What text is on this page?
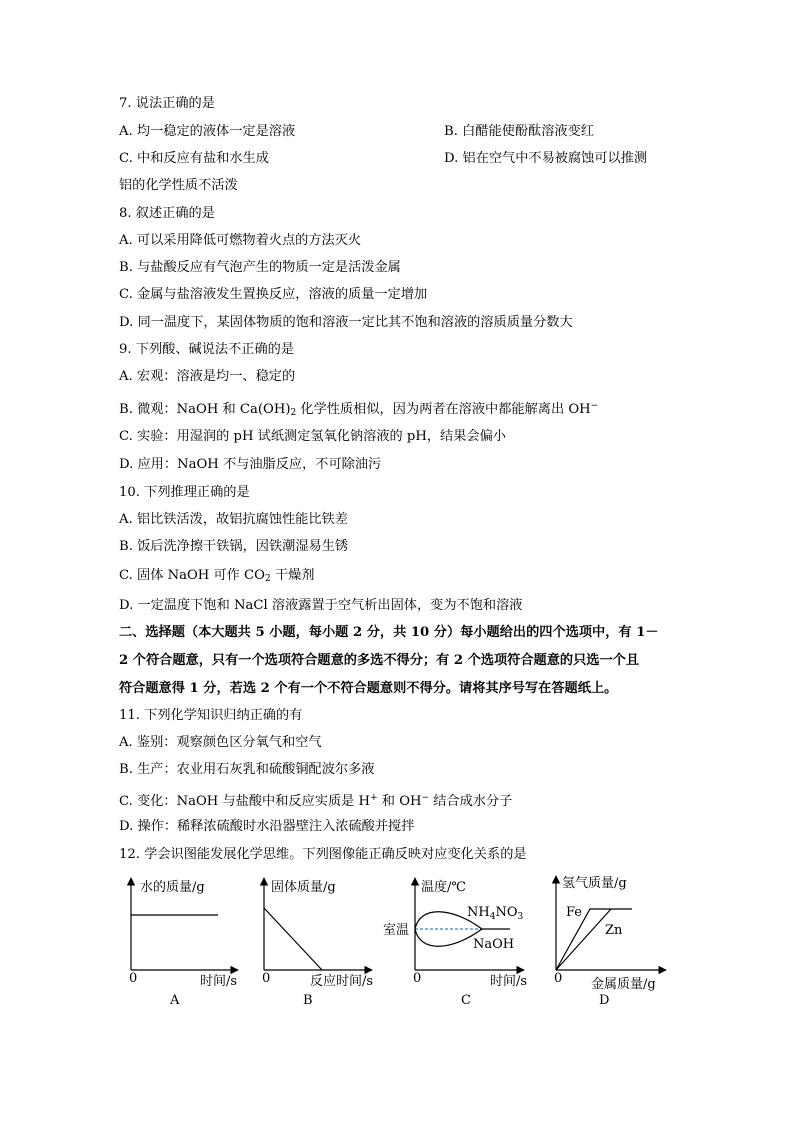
7. 说法正确的是
A. 均一稳定的液体一定是溶液	B. 白醋能使酚酞溶液变红
C. 中和反应有盐和水生成	D. 铝在空气中不易被腐蚀可以推测
铝的化学性质不活泼
8. 叙述正确的是
A. 可以采用降低可燃物着火点的方法灭火
B. 与盐酸反应有气泡产生的物质一定是活泼金属
C. 金属与盐溶液发生置换反应，溶液的质量一定增加
D. 同一温度下，某固体物质的饱和溶液一定比其不饱和溶液的溶质质量分数大
9. 下列酸、碱说法不正确的是
A. 宏观：溶液是均一、稳定的
B. 微观：NaOH 和 $Ca(OH)_2$ 化学性质相似，因为两者在溶液中都能解离出 OH−
C. 实验：用湿润的 pH 试纸测定氢氧化钠溶液的 pH，结果会偏小
D. 应用：NaOH 不与油脂反应，不可除油污
10. 下列推理正确的是
A. 铝比铁活泼，故铝抗腐蚀性能比铁差
B. 饭后洗净擦干铁锅，因铁潮湿易生锈
C. 固体 NaOH 可作 $CO_2$ 干燥剂
D. 一定温度下饱和 NaCl 溶液露置于空气析出固体，变为不饱和溶液
二、选择题（本大题共 5 小题，每小题 2 分，共 10 分）每小题给出的四个选项中，有 1－
2 个符合题意，只有一个选项符合题意的多选不得分；有 2 个选项符合题意的只选一个且
符合题意得 1 分，若选 2 个有一个不符合题意则不得分。请将其序号写在答题纸上。
11. 下列化学知识归纳正确的有
A. 鉴别：观察颜色区分氧气和空气
B. 生产：农业用石灰乳和硫酸铜配波尔多液
C. 变化：NaOH 与盐酸中和反应实质是 H+ 和 OH− 结合成水分子
D. 操作：稀释浓硫酸时水沿器壁注入浓硫酸并搅拌
12. 学会识图能发展化学思维。下列图像能正确反映对应变化关系的是
水的质量/g
时间/s
0
A
固体质量/g
反应时间/s
0
B
温度/℃
室温
$NH_4NO_3$
NaOH
时间/s
0
C
氢气质量/g
Fe
Zn
金属质量/g
0
D
